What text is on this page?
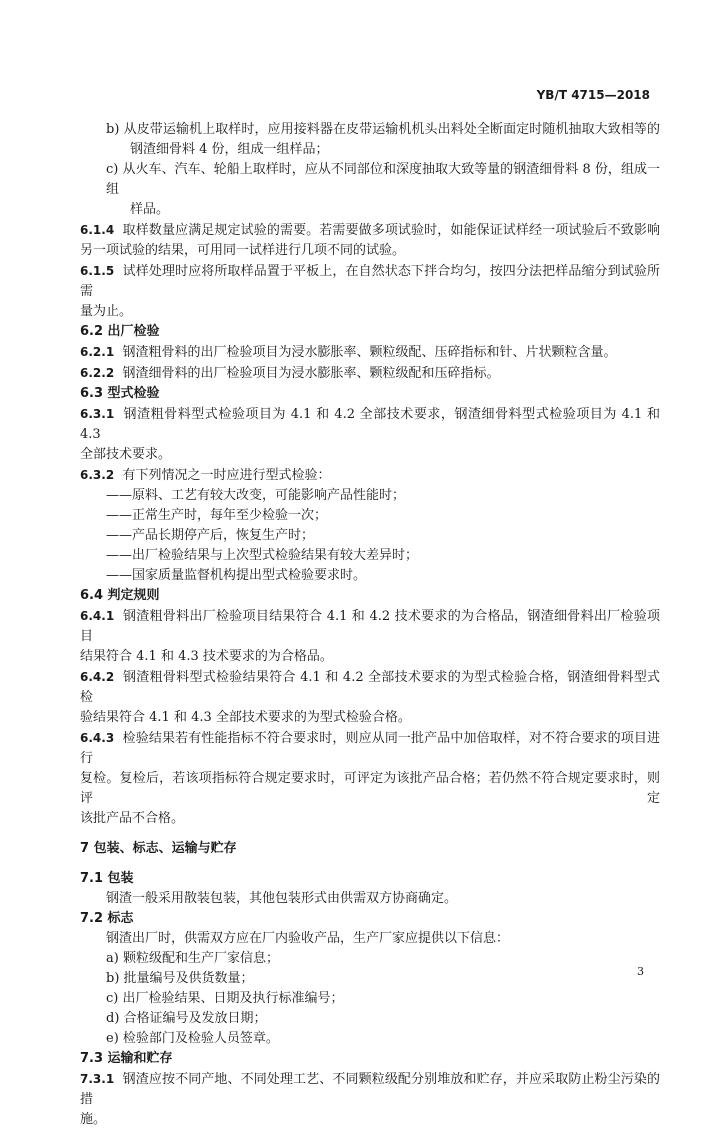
YB/T 4715—2018
b) 从皮带运输机上取样时，应用接料器在皮带运输机机头出料处全断面定时随机抽取大致相等的
钢渣细骨料 4 份，组成一组样品；
c) 从火车、汽车、轮船上取样时，应从不同部位和深度抽取大致等量的钢渣细骨料 8 份，组成一组
样品。
6.1.4 取样数量应满足规定试验的需要。若需要做多项试验时，如能保证试样经一项试验后不致影响
另一项试验的结果，可用同一试样进行几项不同的试验。
6.1.5 试样处理时应将所取样品置于平板上，在自然状态下拌合均匀，按四分法把样品缩分到试验所需
量为止。
6.2 出厂检验
6.2.1 钢渣粗骨料的出厂检验项目为浸水膨胀率、颗粒级配、压碎指标和针、片状颗粒含量。
6.2.2 钢渣细骨料的出厂检验项目为浸水膨胀率、颗粒级配和压碎指标。
6.3 型式检验
6.3.1 钢渣粗骨料型式检验项目为 4.1 和 4.2 全部技术要求，钢渣细骨料型式检验项目为 4.1 和 4.3
全部技术要求。
6.3.2 有下列情况之一时应进行型式检验：
——原料、工艺有较大改变，可能影响产品性能时；
——正常生产时，每年至少检验一次；
——产品长期停产后，恢复生产时；
——出厂检验结果与上次型式检验结果有较大差异时；
——国家质量监督机构提出型式检验要求时。
6.4 判定规则
6.4.1 钢渣粗骨料出厂检验项目结果符合 4.1 和 4.2 技术要求的为合格品，钢渣细骨料出厂检验项目
结果符合 4.1 和 4.3 技术要求的为合格品。
6.4.2 钢渣粗骨料型式检验结果符合 4.1 和 4.2 全部技术要求的为型式检验合格，钢渣细骨料型式检
验结果符合 4.1 和 4.3 全部技术要求的为型式检验合格。
6.4.3 检验结果若有性能指标不符合要求时，则应从同一批产品中加倍取样，对不符合要求的项目进行
复检。复检后，若该项指标符合规定要求时，可评定为该批产品合格；若仍然不符合规定要求时，则评定
该批产品不合格。
7 包装、标志、运输与贮存
7.1 包装
钢渣一般采用散装包装，其他包装形式由供需双方协商确定。
7.2 标志
钢渣出厂时，供需双方应在厂内验收产品，生产厂家应提供以下信息：
a) 颗粒级配和生产厂家信息；
b) 批量编号及供货数量；
c) 出厂检验结果、日期及执行标准编号；
d) 合格证编号及发放日期；
e) 检验部门及检验人员签章。
7.3 运输和贮存
7.3.1 钢渣应按不同产地、不同处理工艺、不同颗粒级配分别堆放和贮存，并应采取防止粉尘污染的措
施。
3
